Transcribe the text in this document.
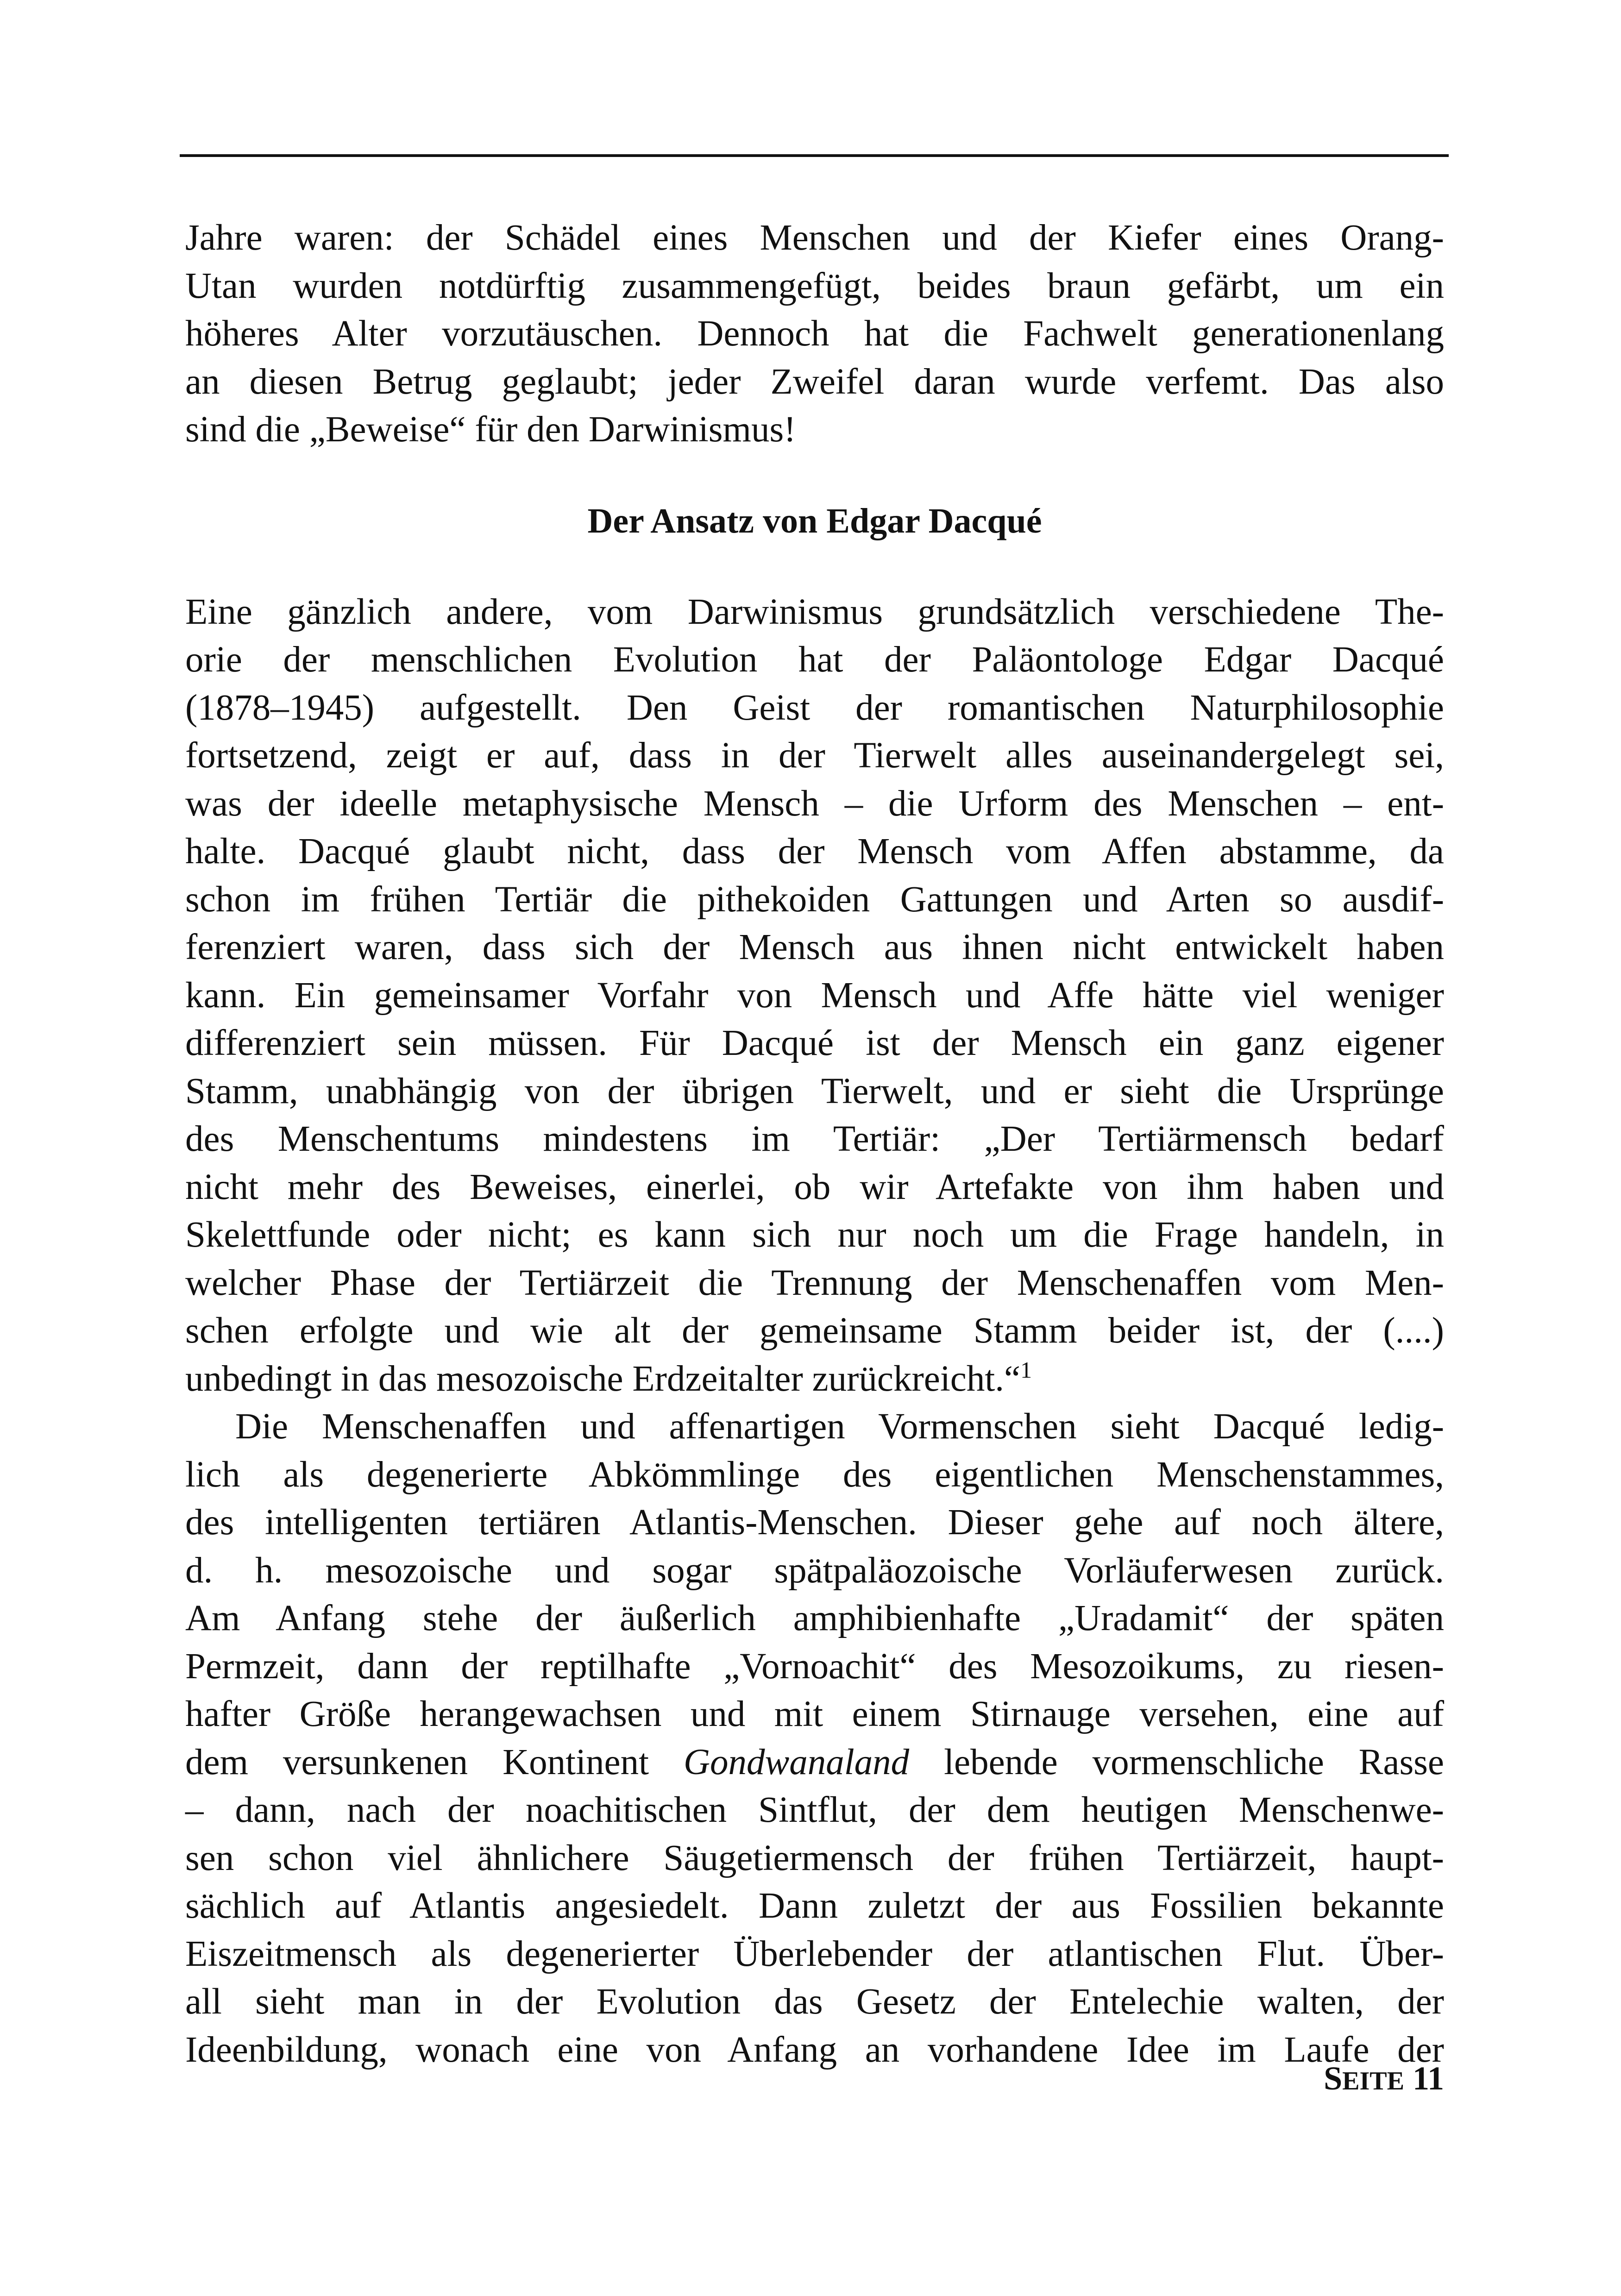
Jahre waren: der Schädel eines Menschen und der Kiefer eines Orang-
Utan wurden notdürftig zusammengefügt, beides braun gefärbt, um ein
höheres Alter vorzutäuschen. Dennoch hat die Fachwelt generationenlang
an diesen Betrug geglaubt; jeder Zweifel daran wurde verfemt. Das also
sind die „Beweise“ für den Darwinismus!
Der Ansatz von Edgar Dacqué
Eine gänzlich andere, vom Darwinismus grundsätzlich verschiedene The-
orie der menschlichen Evolution hat der Paläontologe Edgar Dacqué
(1878–1945) aufgestellt. Den Geist der romantischen Naturphilosophie
fortsetzend, zeigt er auf, dass in der Tierwelt alles auseinandergelegt sei,
was der ideelle metaphysische Mensch – die Urform des Menschen – ent-
halte. Dacqué glaubt nicht, dass der Mensch vom Affen abstamme, da
schon im frühen Tertiär die pithekoiden Gattungen und Arten so ausdif-
ferenziert waren, dass sich der Mensch aus ihnen nicht entwickelt haben
kann. Ein gemeinsamer Vorfahr von Mensch und Affe hätte viel weniger
differenziert sein müssen. Für Dacqué ist der Mensch ein ganz eigener
Stamm, unabhängig von der übrigen Tierwelt, und er sieht die Ursprünge
des Menschentums mindestens im Tertiär: „Der Tertiärmensch bedarf
nicht mehr des Beweises, einerlei, ob wir Artefakte von ihm haben und
Skelettfunde oder nicht; es kann sich nur noch um die Frage handeln, in
welcher Phase der Tertiärzeit die Trennung der Menschenaffen vom Men-
schen erfolgte und wie alt der gemeinsame Stamm beider ist, der (....)
unbedingt in das mesozoische Erdzeitalter zurückreicht.“$^1$
Die Menschenaffen und affenartigen Vormenschen sieht Dacqué ledig-
lich als degenerierte Abkömmlinge des eigentlichen Menschenstammes,
des intelligenten tertiären Atlantis-Menschen. Dieser gehe auf noch ältere,
d. h. mesozoische und sogar spätpaläozoische Vorläuferwesen zurück.
Am Anfang stehe der äußerlich amphibienhafte „Uradamit“ der späten
Permzeit, dann der reptilhafte „Vornoachit“ des Mesozoikums, zu riesen-
hafter Größe herangewachsen und mit einem Stirnauge versehen, eine auf
dem versunkenen Kontinent Gondwanaland lebende vormenschliche Rasse
– dann, nach der noachitischen Sintflut, der dem heutigen Menschenwe-
sen schon viel ähnlichere Säugetiermensch der frühen Tertiärzeit, haupt-
sächlich auf Atlantis angesiedelt. Dann zuletzt der aus Fossilien bekannte
Eiszeitmensch als degenerierter Überlebender der atlantischen Flut. Über-
all sieht man in der Evolution das Gesetz der Entelechie walten, der
Ideenbildung, wonach eine von Anfang an vorhandene Idee im Laufe der
SEITE 11
